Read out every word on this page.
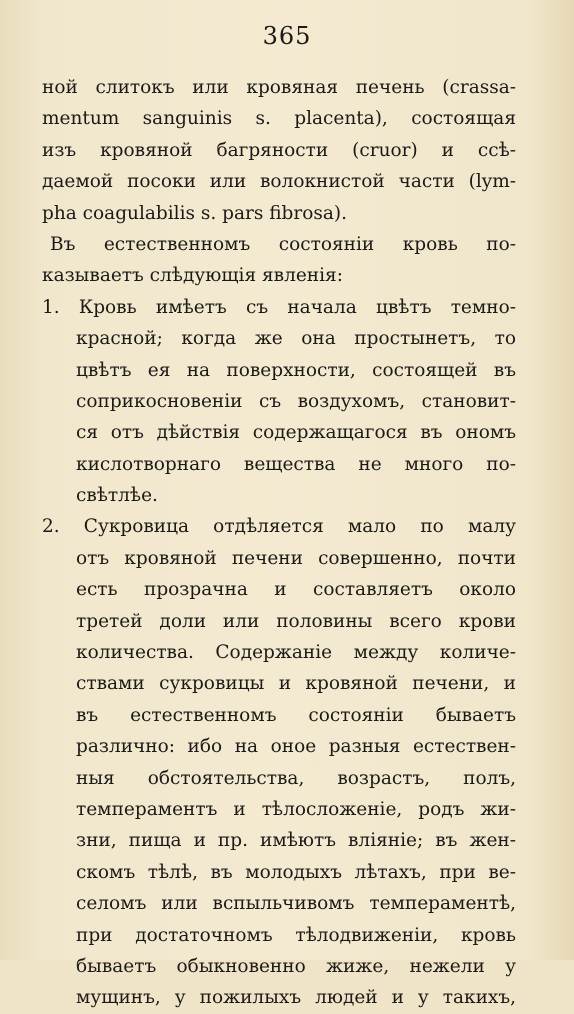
365
ной слитокъ или кровяная печень (crassa-
mentum sanguinis s. placenta), состоящая
изъ кровяной багряности (cruor) и ссѣ-
даемой посоки или волокнистой части (lym-
pha coagulabilis s. pars fibrosa).
Въ естественномъ состояніи кровь по-
казываетъ слѣдующія явленія:
1. Кровь имѣетъ съ начала цвѣтъ темно-
красной; когда же она простынетъ, то
цвѣтъ ея на поверхности, состоящей въ
соприкосновеніи съ воздухомъ, становит-
ся отъ дѣйствія содержащагося въ ономъ
кислотворнаго вещества не много по-
свѣтлѣе.
2. Сукровица отдѣляется мало по малу
отъ кровяной печени совершенно, почти
есть прозрачна и составляетъ около
третей доли или половины всего крови
количества. Содержаніе между количе-
ствами сукровицы и кровяной печени, и
въ естественномъ состояніи бываетъ
различно: ибо на оное разныя естествен-
ныя обстоятельства, возрастъ, полъ,
темпераментъ и тѣлосложеніе, родъ жи-
зни, пища и пр. имѣютъ вліяніе; въ жен-
скомъ тѣлѣ, въ молодыхъ лѣтахъ, при ве-
селомъ или вспыльчивомъ темпераментѣ,
при достаточномъ тѣлодвиженіи, кровь
бываетъ обыкновенно жиже, нежели у
мущинъ, у пожилыхъ людей и у такихъ,
